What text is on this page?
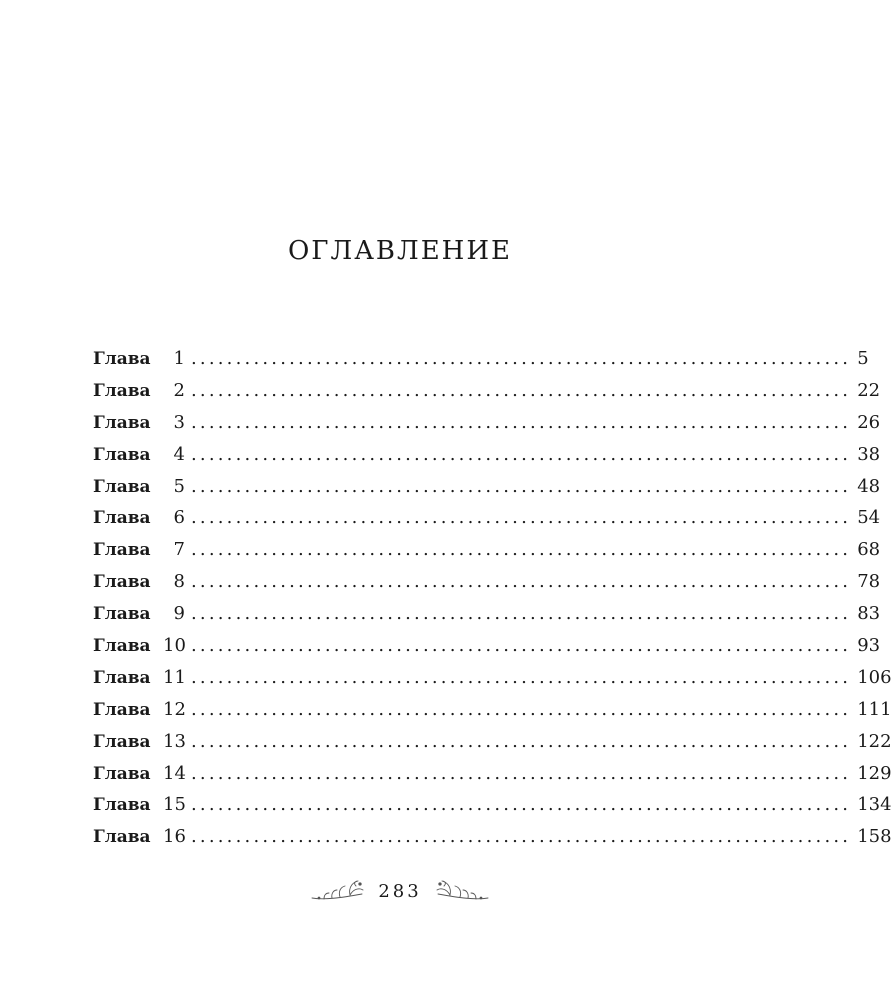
ОГЛАВЛЕНИЕ
Глава	1 .......................................................................... 5
Глава	2 .......................................................................... 22
Глава	3 .......................................................................... 26
Глава	4 .......................................................................... 38
Глава	5 .......................................................................... 48
Глава	6 .......................................................................... 54
Глава	7 .......................................................................... 68
Глава	8 .......................................................................... 78
Глава	9 .......................................................................... 83
Глава 10 .......................................................................... 93
Глава 11 .......................................................................... 106
Глава 12 .......................................................................... 111
Глава 13 .......................................................................... 122
Глава 14 .......................................................................... 129
Глава 15 .......................................................................... 134
Глава 16 .......................................................................... 158
283
